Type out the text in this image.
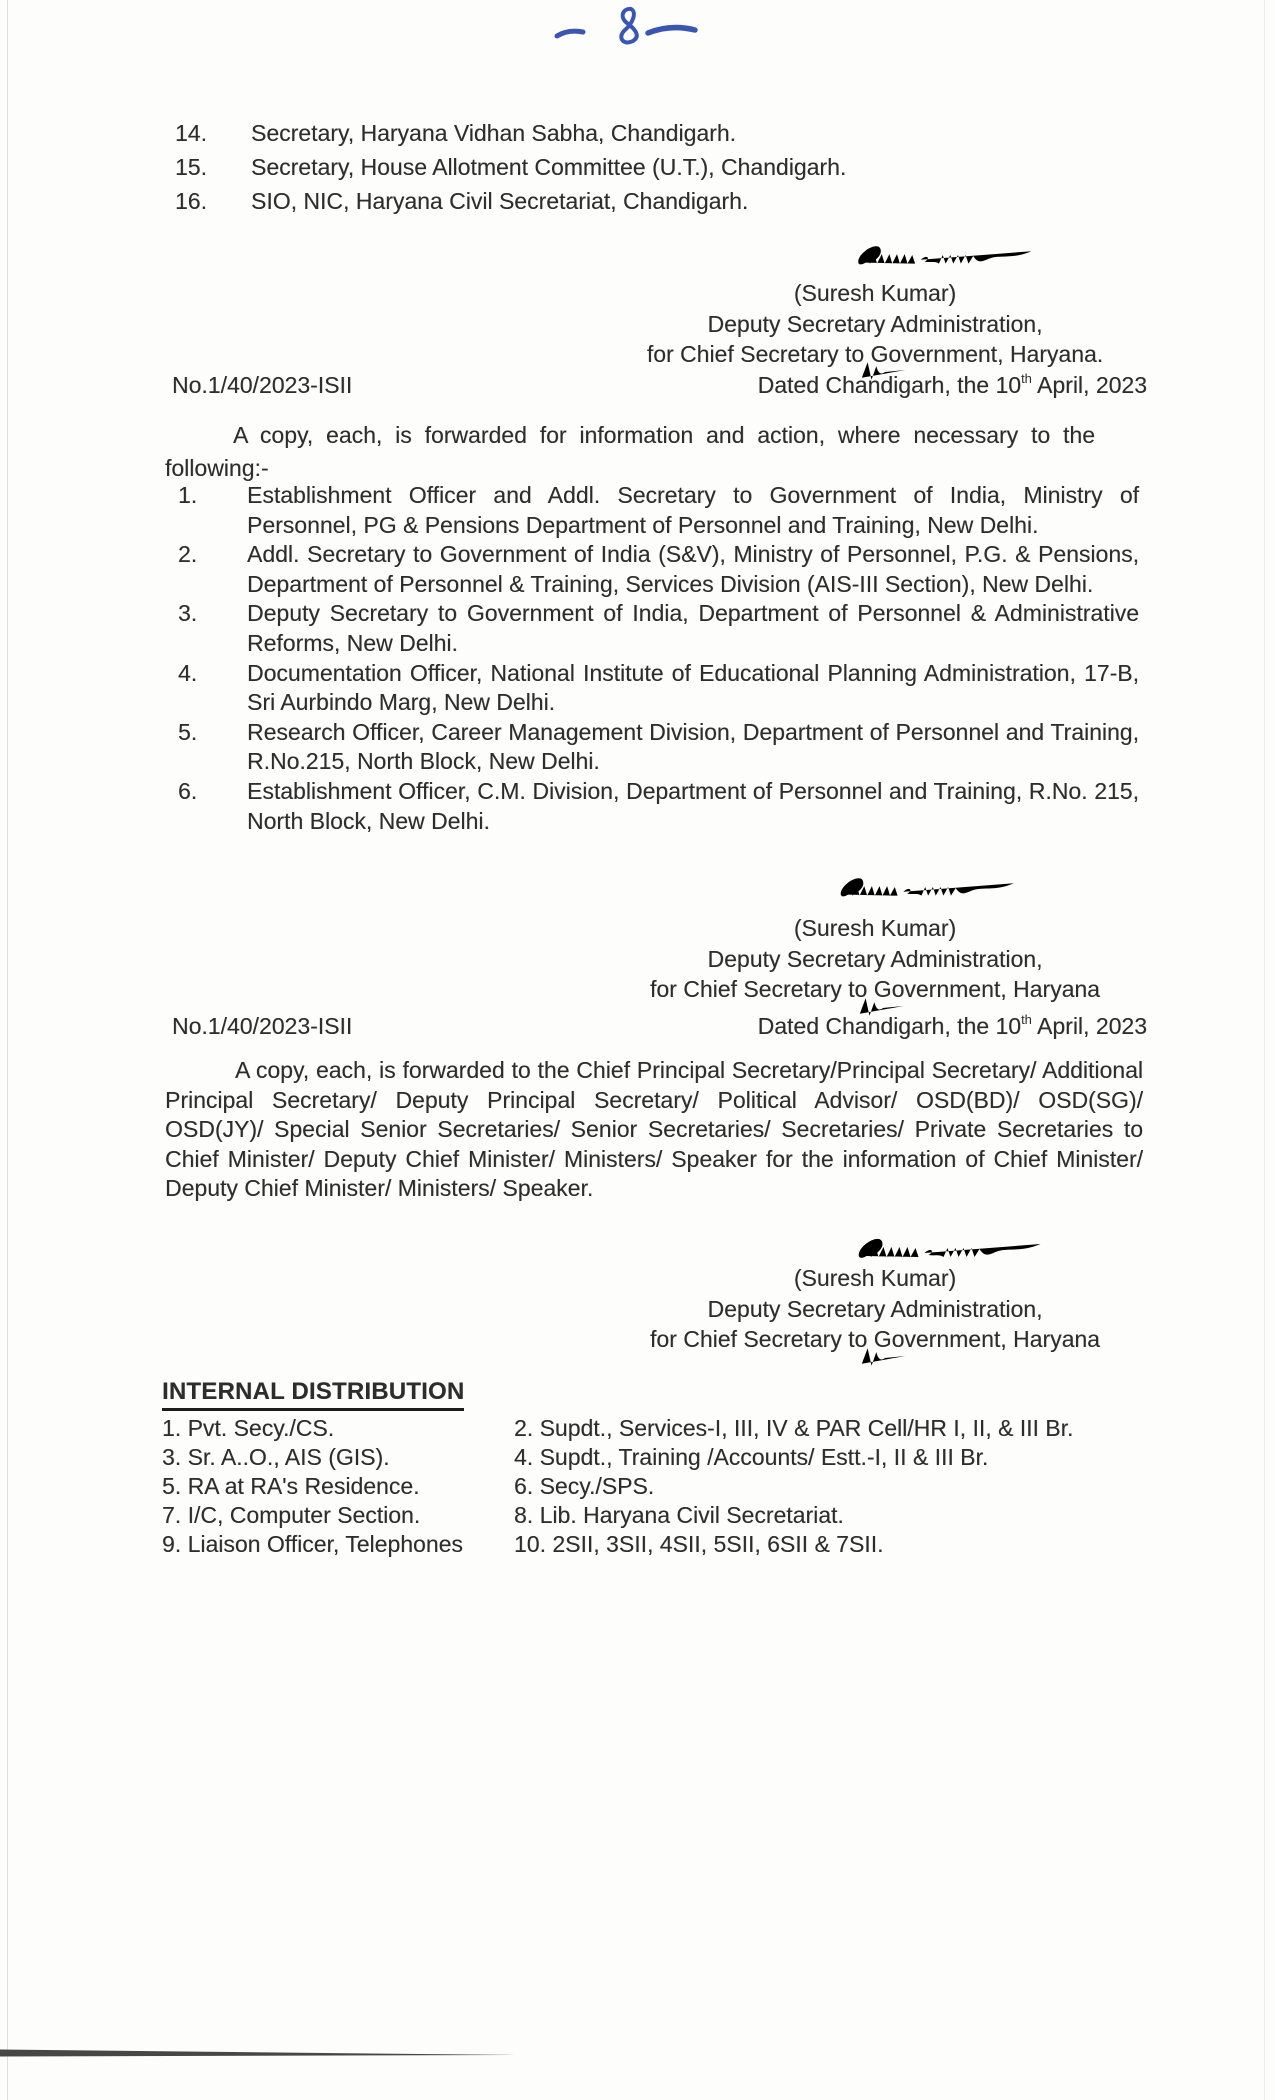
14.	Secretary, Haryana Vidhan Sabha, Chandigarh.
15.	Secretary, House Allotment Committee (U.T.), Chandigarh.
16.	SIO, NIC, Haryana Civil Secretariat, Chandigarh.
(Suresh Kumar)
Deputy Secretary Administration,
for Chief Secretary to Government, Haryana.
No.1/40/2023-ISII	Dated Chandigarh, the 10th April, 2023
A copy, each, is forwarded for information and action, where necessary to the following:-
1.	Establishment Officer and Addl. Secretary to Government of India, Ministry of Personnel, PG & Pensions Department of Personnel and Training, New Delhi.
2.	Addl. Secretary to Government of India (S&V), Ministry of Personnel, P.G. & Pensions, Department of Personnel & Training, Services Division (AIS-III Section), New Delhi.
3.	Deputy Secretary to Government of India, Department of Personnel & Administrative Reforms, New Delhi.
4.	Documentation Officer, National Institute of Educational Planning Administration, 17-B, Sri Aurbindo Marg, New Delhi.
5.	Research Officer, Career Management Division, Department of Personnel and Training, R.No.215, North Block, New Delhi.
6.	Establishment Officer, C.M. Division, Department of Personnel and Training, R.No. 215, North Block, New Delhi.
(Suresh Kumar)
Deputy Secretary Administration,
for Chief Secretary to Government, Haryana
No.1/40/2023-ISII	Dated Chandigarh, the 10th April, 2023
A copy, each, is forwarded to the Chief Principal Secretary/Principal Secretary/ Additional Principal Secretary/ Deputy Principal Secretary/ Political Advisor/ OSD(BD)/ OSD(SG)/ OSD(JY)/ Special Senior Secretaries/ Senior Secretaries/ Secretaries/ Private Secretaries to Chief Minister/ Deputy Chief Minister/ Ministers/ Speaker for the information of Chief Minister/ Deputy Chief Minister/ Ministers/ Speaker.
(Suresh Kumar)
Deputy Secretary Administration,
for Chief Secretary to Government, Haryana
INTERNAL DISTRIBUTION
1. Pvt. Secy./CS.	2. Supdt., Services-I, III, IV & PAR Cell/HR I, II, & III Br.
3. Sr. A..O., AIS (GIS).	4. Supdt., Training /Accounts/ Estt.-I, II & III Br.
5. RA at RA's Residence.	6. Secy./SPS.
7. I/C, Computer Section.	8. Lib. Haryana Civil Secretariat.
9. Liaison Officer, Telephones	10. 2SII, 3SII, 4SII, 5SII, 6SII & 7SII.
